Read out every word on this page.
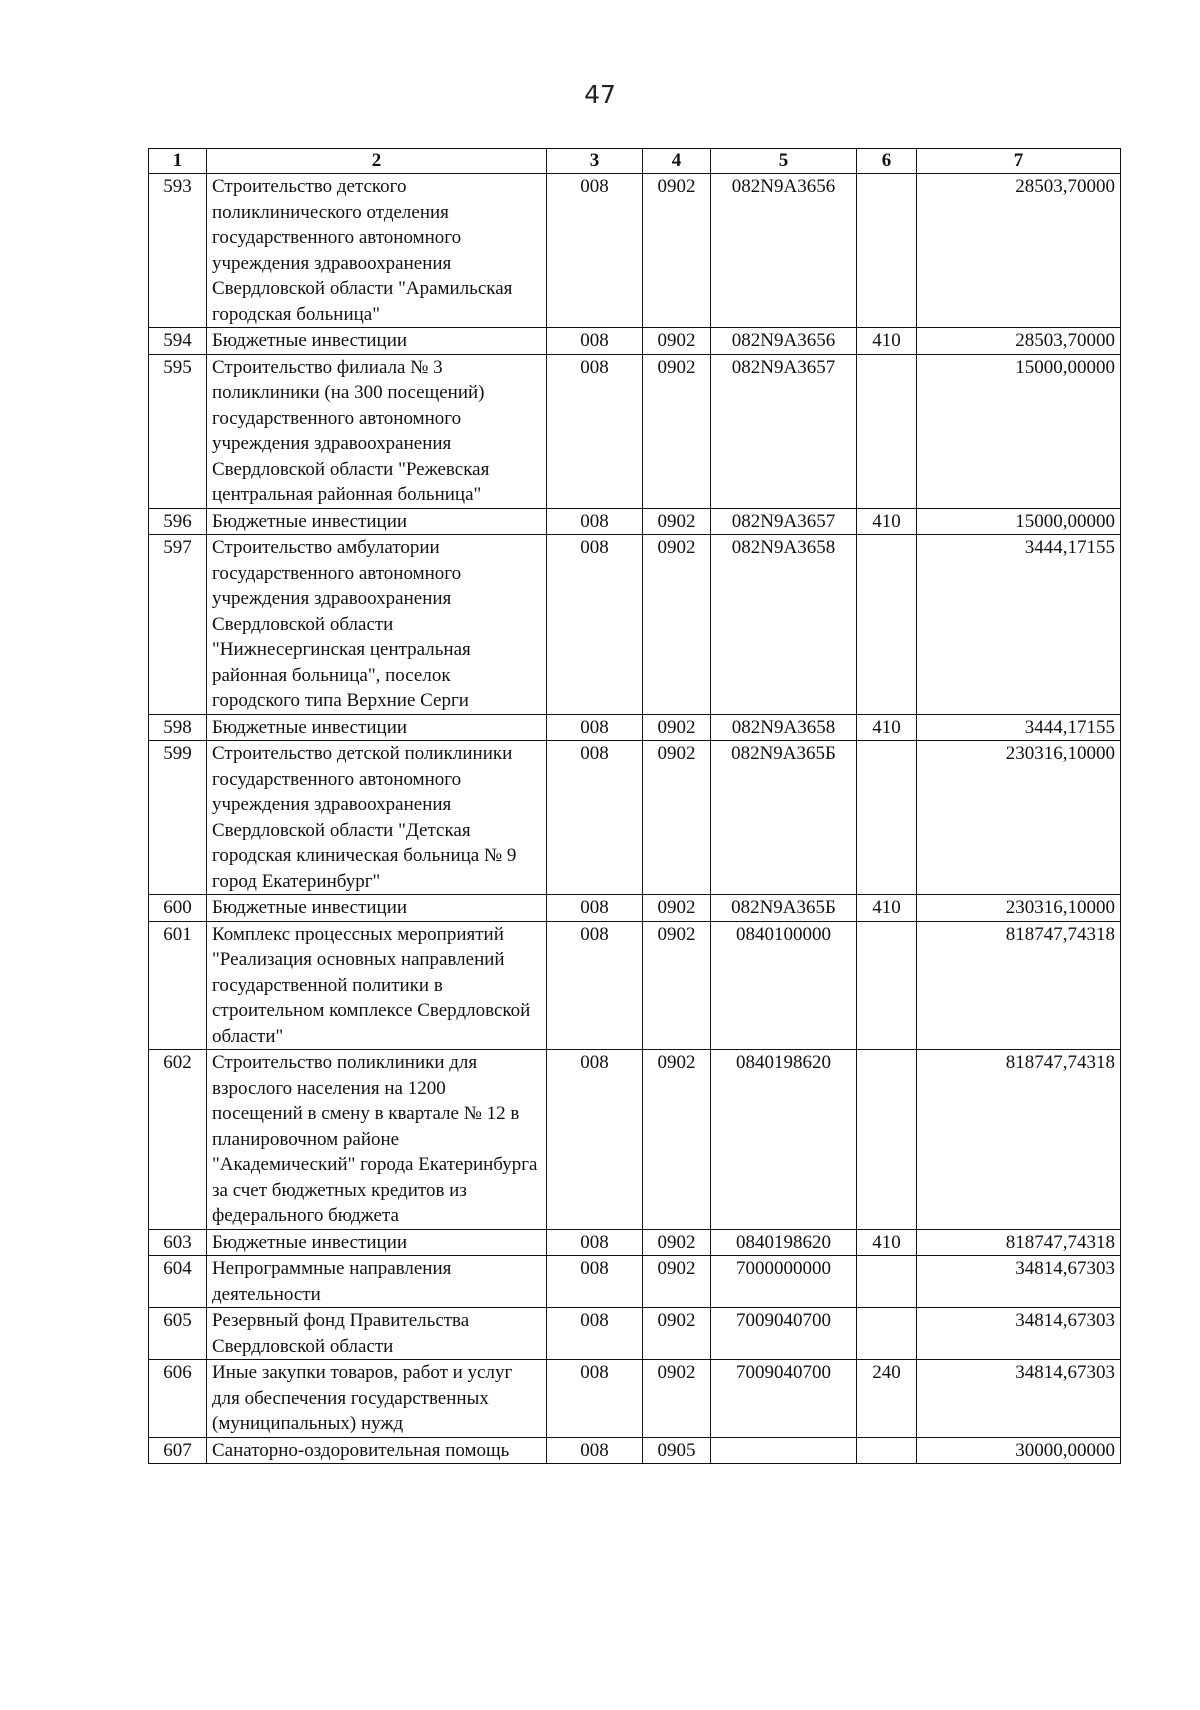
47
1	2	3	4	5	6	7
593	Строительство детского поликлинического отделения государственного автономного учреждения здравоохранения Свердловской области "Арамильская городская больница"	008	0902	082N9A3656		28503,70000
594	Бюджетные инвестиции	008	0902	082N9A3656	410	28503,70000
595	Строительство филиала № 3 поликлиники (на 300 посещений) государственного автономного учреждения здравоохранения Свердловской области "Режевская центральная районная больница"	008	0902	082N9A3657		15000,00000
596	Бюджетные инвестиции	008	0902	082N9A3657	410	15000,00000
597	Строительство амбулатории государственного автономного учреждения здравоохранения Свердловской области "Нижнесергинская центральная районная больница", поселок городского типа Верхние Серги	008	0902	082N9A3658		3444,17155
598	Бюджетные инвестиции	008	0902	082N9A3658	410	3444,17155
599	Строительство детской поликлиники государственного автономного учреждения здравоохранения Свердловской области "Детская городская клиническая больница № 9 город Екатеринбург"	008	0902	082N9A365Б		230316,10000
600	Бюджетные инвестиции	008	0902	082N9A365Б	410	230316,10000
601	Комплекс процессных мероприятий "Реализация основных направлений государственной политики в строительном комплексе Свердловской области"	008	0902	0840100000		818747,74318
602	Строительство поликлиники для взрослого населения на 1200 посещений в смену в квартале № 12 в планировочном районе "Академический" города Екатеринбурга за счет бюджетных кредитов из федерального бюджета	008	0902	0840198620		818747,74318
603	Бюджетные инвестиции	008	0902	0840198620	410	818747,74318
604	Непрограммные направления деятельности	008	0902	7000000000		34814,67303
605	Резервный фонд Правительства Свердловской области	008	0902	7009040700		34814,67303
606	Иные закупки товаров, работ и услуг для обеспечения государственных (муниципальных) нужд	008	0902	7009040700	240	34814,67303
607	Санаторно-оздоровительная помощь	008	0905			30000,00000
